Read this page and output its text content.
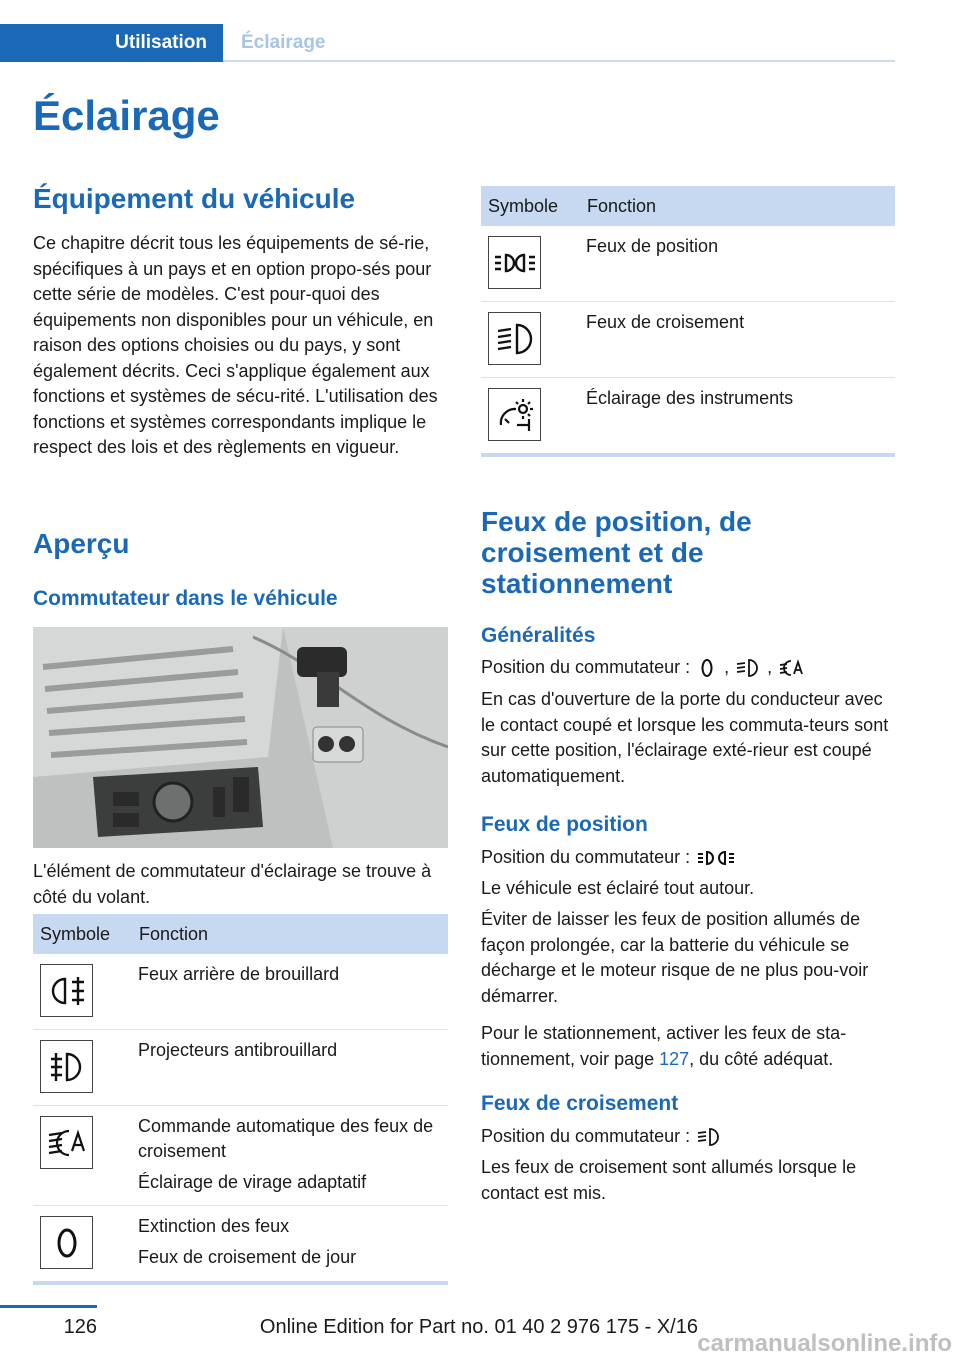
Utilisation Éclairage
Éclairage
Équipement du véhicule

Ce chapitre décrit tous les équipements de sé-rie, spécifiques à un pays et en option propo-sés pour cette série de modèles. C'est pour-quoi des équipements non disponibles pour un véhicule, en raison des options choisies ou du pays, y sont également décrits. Ceci s'applique également aux fonctions et systèmes de sécu-rité. L'utilisation des fonctions et systèmes correspondants implique le respect des lois et des règlements en vigueur.

Aperçu
Commutateur dans le véhicule

L'élément de commutateur d'éclairage se trouve à côté du volant.

Symbole	Fonction

Feux arrière de brouillard

Projecteurs antibrouillard

Commande automatique des feux de croisement
Éclairage de virage adaptatif

Extinction des feux
Feux de croisement de jour
Symbole	Fonction

Feux de position

Feux de croisement

Éclairage des instruments
Feux de position, de croisement et de stationnement
Généralités

Position du commutateur : , ,

En cas d'ouverture de la porte du conducteur avec le contact coupé et lorsque les commuta-teurs sont sur cette position, l'éclairage exté-rieur est coupé automatiquement.

Feux de position

Position du commutateur :

Le véhicule est éclairé tout autour.

Éviter de laisser les feux de position allumés de façon prolongée, car la batterie du véhicule se décharge et le moteur risque de ne plus pou-voir démarrer.

Pour le stationnement, activer les feux de sta-tionnement, voir page 127, du côté adéquat.

Feux de croisement

Position du commutateur :

Les feux de croisement sont allumés lorsque le contact est mis.

126	Online Edition for Part no. 01 40 2 976 175 - X/16
carmanualsonline.info
